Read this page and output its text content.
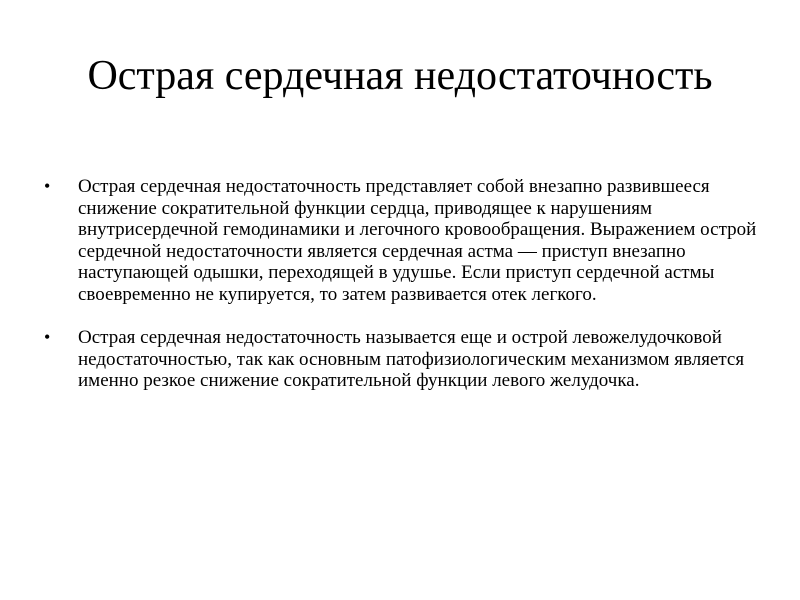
Острая сердечная недостаточность
•	Острая сердечная недостаточность представляет собой внезапно развившееся снижение сократительной функции сердца, приводящее к нарушениям внутрисердечной гемодинамики и легочного кровообращения. Выражением острой сердечной недостаточности является сердечная астма — приступ внезапно наступающей одышки, переходящей в удушье. Если приступ сердечной астмы своевременно не купируется, то затем развивается отек легкого.

•	Острая сердечная недостаточность называется еще и острой левожелудочковой недостаточностью, так как основным патофизиологическим механизмом является именно резкое снижение сократительной функции левого желудочка.
